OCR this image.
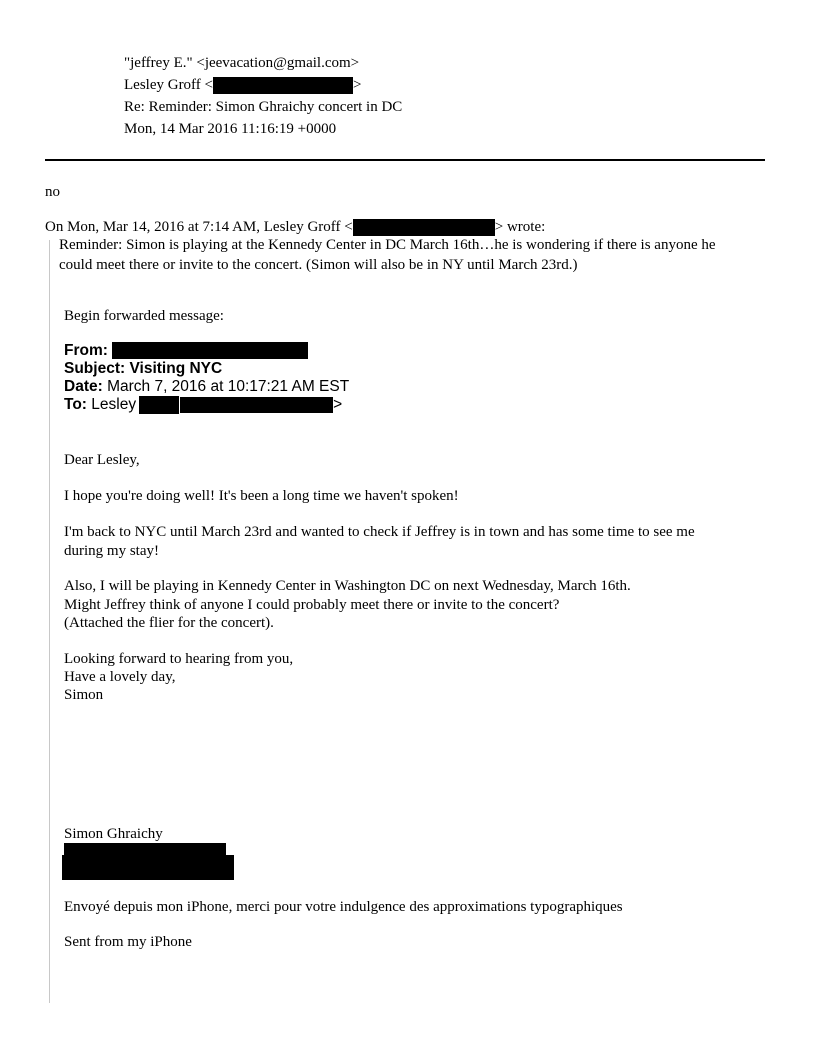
"jeffrey E." <jeevacation@gmail.com>
Lesley Groff <	>
Re: Reminder: Simon Ghraichy concert in DC
Mon, 14 Mar 2016 11:16:19 +0000
no
On Mon, Mar 14, 2016 at 7:14 AM, Lesley Groff <	> wrote:
Reminder: Simon is playing at the Kennedy Center in DC March 16th…he is wondering if there is anyone he
could meet there or invite to the concert. (Simon will also be in NY until March 23rd.)
Begin forwarded message:
From:
Subject: Visiting NYC
Date: March 7, 2016 at 10:17:21 AM EST
To: Lesley	>
Dear Lesley,
I hope you're doing well! It's been a long time we haven't spoken!
I'm back to NYC until March 23rd and wanted to check if Jeffrey is in town and has some time to see me
during my stay!
Also, I will be playing in Kennedy Center in Washington DC on next Wednesday, March 16th.
Might Jeffrey think of anyone I could probably meet there or invite to the concert?
(Attached the flier for the concert).
Looking forward to hearing from you,
Have a lovely day,
Simon
Simon Ghraichy
Envoyé depuis mon iPhone, merci pour votre indulgence des approximations typographiques
Sent from my iPhone
